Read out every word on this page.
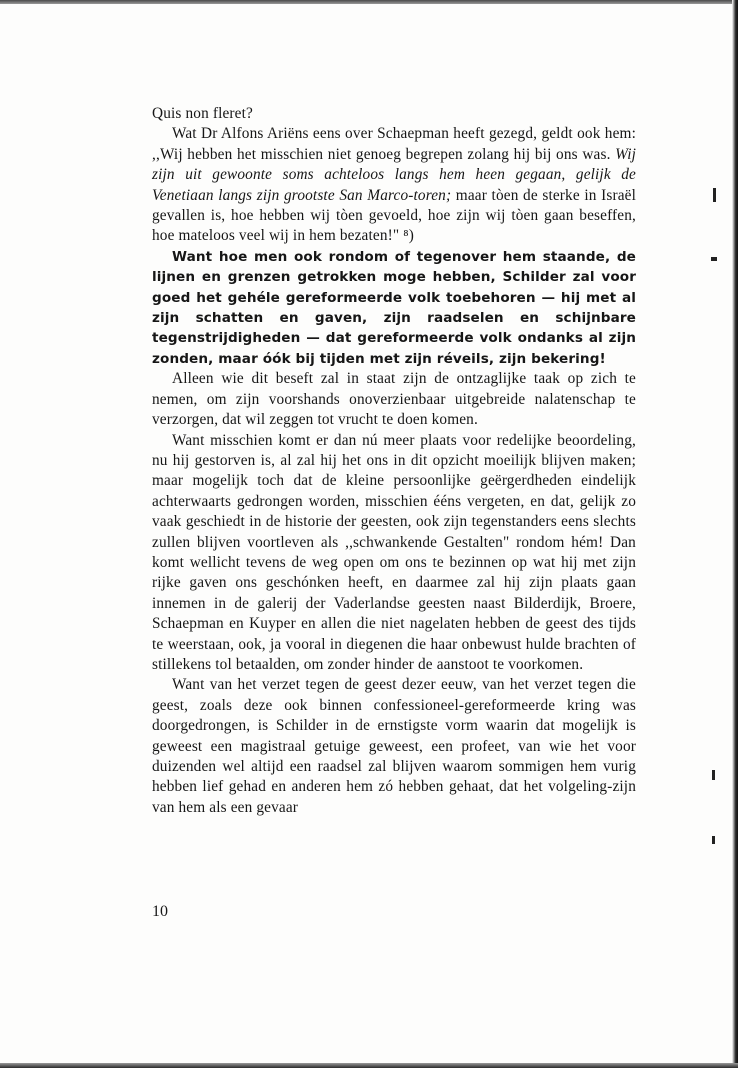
Quis non fleret?

Wat Dr Alfons Ariëns eens over Schaepman heeft gezegd, geldt ook hem: ,,Wij hebben het misschien niet genoeg begrepen zolang hij bij ons was. Wij zijn uit gewoonte soms achteloos langs hem heen gegaan, gelijk de Venetiaan langs zijn grootste San Marco-toren; maar tòen de sterke in Israël gevallen is, hoe hebben wij tòen gevoeld, hoe zijn wij tòen gaan beseffen, hoe mateloos veel wij in hem bezaten!" ⁸)

Want hoe men ook rondom of tegenover hem staande, de lijnen en grenzen getrokken moge hebben, Schilder zal voor goed het gehéle gereformeerde volk toebehoren — hij met al zijn schatten en gaven, zijn raadselen en schijnbare tegenstrijdigheden — dat gereformeerde volk ondanks al zijn zonden, maar óók bij tijden met zijn réveils, zijn bekering!

Alleen wie dit beseft zal in staat zijn de ontzaglijke taak op zich te nemen, om zijn voorshands onoverzienbaar uitgebreide nalatenschap te verzorgen, dat wil zeggen tot vrucht te doen komen.

Want misschien komt er dan nú meer plaats voor redelijke beoordeling, nu hij gestorven is, al zal hij het ons in dit opzicht moeilijk blijven maken; maar mogelijk toch dat de kleine persoonlijke geërgerdheden eindelijk achterwaarts gedrongen worden, misschien ééns vergeten, en dat, gelijk zo vaak geschiedt in de historie der geesten, ook zijn tegenstanders eens slechts zullen blijven voortleven als ,,schwankende Gestalten" rondom hém! Dan komt wellicht tevens de weg open om ons te bezinnen op wat hij met zijn rijke gaven ons geschónken heeft, en daarmee zal hij zijn plaats gaan innemen in de galerij der Vaderlandse geesten naast Bilderdijk, Broere, Schaepman en Kuyper en allen die niet nagelaten hebben de geest des tijds te weerstaan, ook, ja vooral in diegenen die haar onbewust hulde brachten of stillekens tol betaalden, om zonder hinder de aanstoot te voorkomen.

Want van het verzet tegen de geest dezer eeuw, van het verzet tegen die geest, zoals deze ook binnen confessioneel-gereformeerde kring was doorgedrongen, is Schilder in de ernstigste vorm waarin dat mogelijk is geweest een magistraal getuige geweest, een profeet, van wie het voor duizenden wel altijd een raadsel zal blijven waarom sommigen hem vurig hebben lief gehad en anderen hem zó hebben gehaat, dat het volgeling-zijn van hem als een gevaar

10
